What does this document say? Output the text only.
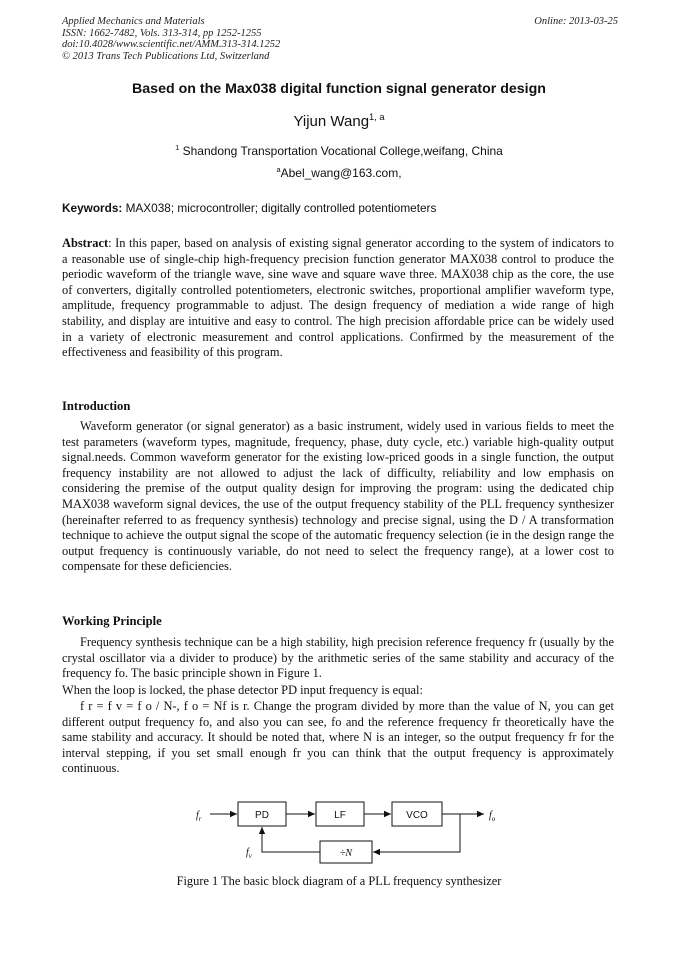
Applied Mechanics and Materials
ISSN: 1662-7482, Vols. 313-314, pp 1252-1255
doi:10.4028/www.scientific.net/AMM.313-314.1252
© 2013 Trans Tech Publications Ltd, Switzerland
Online: 2013-03-25
Based on the Max038 digital function signal generator design
Yijun Wang$^{1, a}$
$^1$ Shandong Transportation Vocational College,weifang, China
$^a$Abel_wang@163.com,
Keywords: MAX038; microcontroller; digitally controlled potentiometers
Abstract: In this paper, based on analysis of existing signal generator according to the system of indicators to a reasonable use of single-chip high-frequency precision function generator MAX038 control to produce the periodic waveform of the triangle wave, sine wave and square wave three. MAX038 chip as the core, the use of converters, digitally controlled potentiometers, electronic switches, proportional amplifier waveform type, amplitude, frequency programmable to adjust. The design frequency of mediation a wide range of high stability, and display are intuitive and easy to control. The high precision affordable price can be widely used in a variety of electronic measurement and control applications. Confirmed by the measurement of the effectiveness and feasibility of this program.
Introduction
Waveform generator (or signal generator) as a basic instrument, widely used in various fields to meet the test parameters (waveform types, magnitude, frequency, phase, duty cycle, etc.) variable high-quality output signal.needs. Common waveform generator for the existing low-priced goods in a single function, the output frequency instability are not allowed to adjust the lack of difficulty, reliability and low emphasis on considering the premise of the output quality design for improving the program: using the dedicated chip MAX038 waveform signal devices, the use of the output frequency stability of the PLL frequency synthesizer (hereinafter referred to as frequency synthesis) technology and precise signal, using the D / A transformation technique to achieve the output signal the scope of the automatic frequency selection (ie in the design range the output frequency is continuously variable, do not need to select the frequency range), at a lower cost to compensate for these deficiencies.
Working Principle
Frequency synthesis technique can be a high stability, high precision reference frequency fr (usually by the crystal oscillator via a divider to produce) by the arithmetic series of the same stability and accuracy of the frequency fo. The basic principle shown in Figure 1.
When the loop is locked, the phase detector PD input frequency is equal:
f r = f v = f o / N-, f o = Nf is r. Change the program divided by more than the value of N, you can get different output frequency fo, and also you can see, fo and the reference frequency fr theoretically have the same stability and accuracy. It should be noted that, where N is an integer, so the output frequency fr for the interval stepping, if you set small enough fr you can think that the output frequency is approximately continuous.
$f_r$	$f_o$
$f_v$
PD	LF	VCO
÷N
Figure 1 The basic block diagram of a PLL frequency synthesizer
